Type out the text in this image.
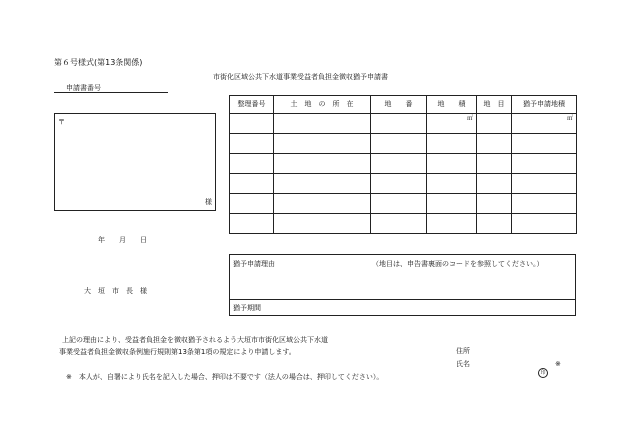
第６号様式(第13条関係)
市街化区域公共下水道事業受益者負担金徴収猶予申請書
申請書番号
〒
様
年　　月　　日
大　垣　市　長　様
整理番号	土　地　の　所　在	地　　番	地　　積	地　目	猶予申請地積

			㎡		㎡

猶予申請理由	（地目は、申告書裏面のコードを参照してください。）
猶予期間
上記の理由により、受益者負担金を徴収猶予されるよう大垣市市街化区域公共下水道
事業受益者負担金徴収条例施行規則第13条第1項の規定により申請します。	住所
氏名
印
※
※　本人が、自署により氏名を記入した場合、押印は不要です（法人の場合は、押印してください）。
